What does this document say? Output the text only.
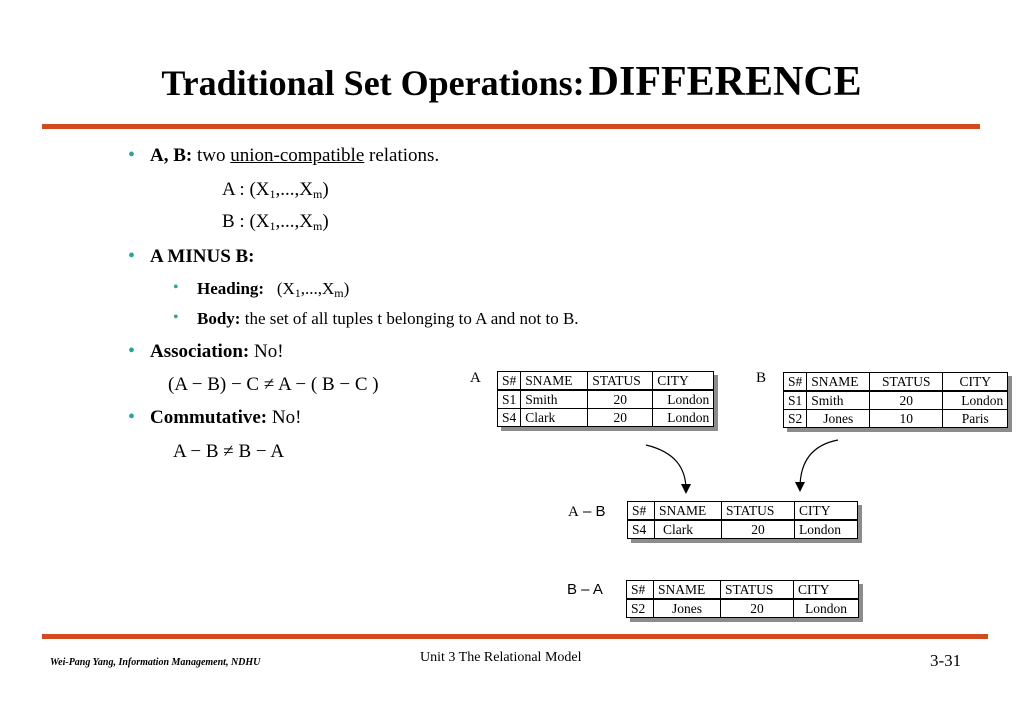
Traditional Set Operations: DIFFERENCE
• A, B: two union-compatible relations.
A : $(X_1,...,X_m)$
B : $(X_1,...,X_m)$
• A MINUS B:
• Heading: $(X_1,...,X_m)$
• Body: the set of all tuples t belonging to A and not to B.
• Association: No!
(A − B) − C ≠ A − ( B − C )
• Commutative: No!
A − B ≠ B − A
A S#	SNAME	STATUS	CITY
S1	Smith	20	London
S4	Clark	20	London
B S#	SNAME	STATUS	CITY
S1	Smith	20	London
S2	Jones	10	Paris
A – B S#	SNAME	STATUS	CITY
S4	Clark	20	London
B – A S#	SNAME	STATUS	CITY
S2	Jones	20	London
Wei-Pang Yang, Information Management, NDHU	Unit 3 The Relational Model	3-31
